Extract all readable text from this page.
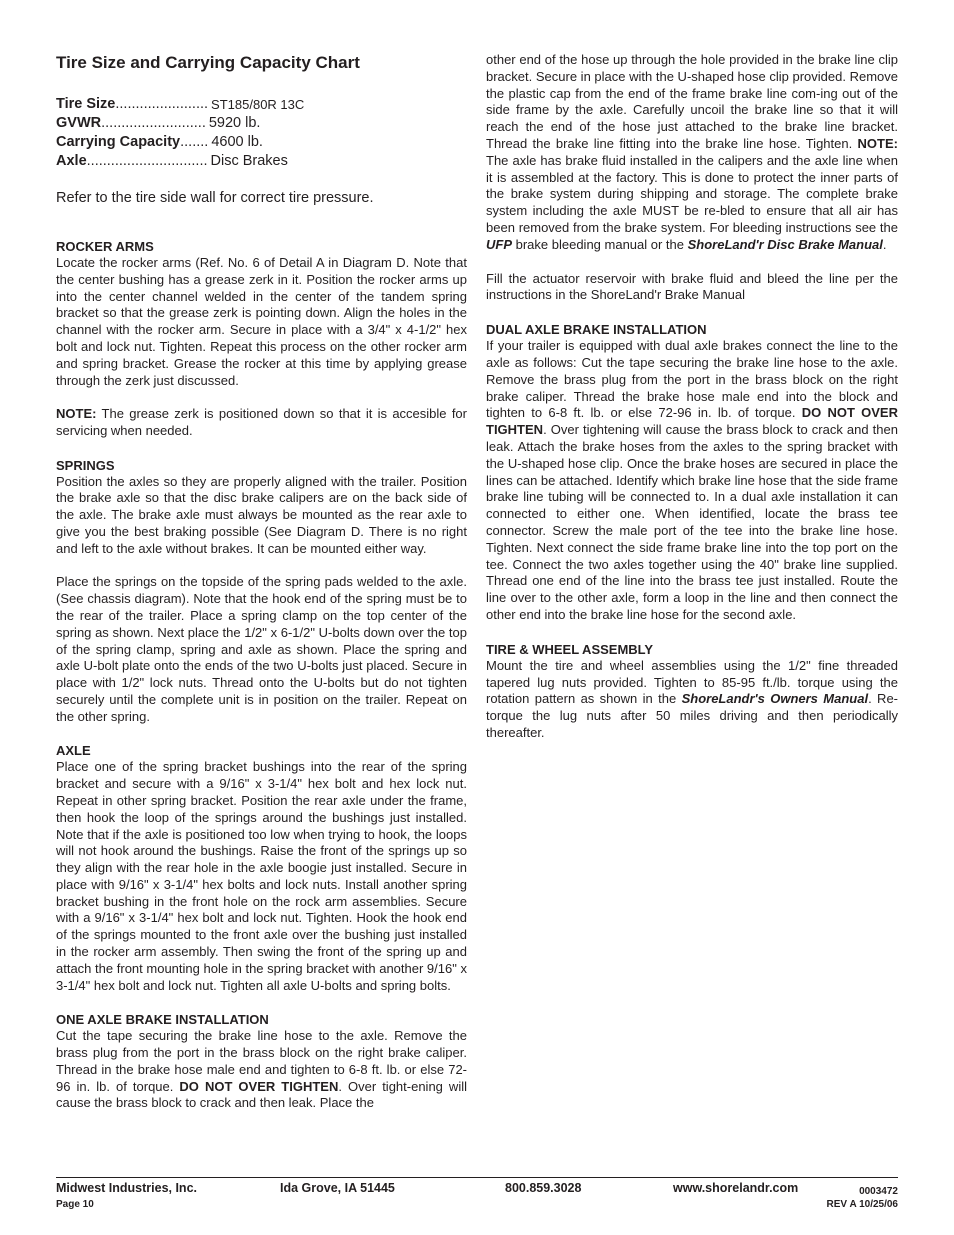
Tire Size and Carrying Capacity Chart
Tire Size ....................... ST185/80R 13C
GVWR .......................... 5920 lb.
Carrying Capacity ....... 4600 lb.
Axle .............................. Disc Brakes
Refer to the tire side wall for correct tire pressure.
ROCKER ARMS

Locate the rocker arms (Ref. No. 6 of Detail A in Diagram D. Note that the center bushing has a grease zerk in it. Position the rocker arms up into the center channel welded in the center of the tandem spring bracket so that the grease zerk is pointing down. Align the holes in the channel with the rocker arm. Secure in place with a 3/4" x 4-1/2" hex bolt and lock nut. Tighten. Repeat this process on the other rocker arm and spring bracket. Grease the rocker at this time by applying grease through the zerk just discussed.

NOTE: The grease zerk is positioned down so that it is accesible for servicing when needed.

SPRINGS

Position the axles so they are properly aligned with the trailer. Position the brake axle so that the disc brake calipers are on the back side of the axle. The brake axle must always be mounted as the rear axle to give you the best braking possible (See Diagram D. There is no right and left to the axle without brakes. It can be mounted either way.

Place the springs on the topside of the spring pads welded to the axle. (See chassis diagram). Note that the hook end of the spring must be to the rear of the trailer. Place a spring clamp on the top center of the spring as shown. Next place the 1/2" x 6-1/2" U-bolts down over the top of the spring clamp, spring and axle as shown. Place the spring and axle U-bolt plate onto the ends of the two U-bolts just placed. Secure in place with 1/2" lock nuts. Thread onto the U-bolts but do not tighten securely until the complete unit is in position on the trailer. Repeat on the other spring.

AXLE

Place one of the spring bracket bushings into the rear of the spring bracket and secure with a 9/16" x 3-1/4" hex bolt and hex lock nut. Repeat in other spring bracket. Position the rear axle under the frame, then hook the loop of the springs around the bushings just installed. Note that if the axle is positioned too low when trying to hook, the loops will not hook around the bushings. Raise the front of the springs up so they align with the rear hole in the axle boogie just installed. Secure in place with 9/16" x 3-1/4" hex bolts and lock nuts. Install another spring bracket bushing in the front hole on the rock arm assemblies. Secure with a 9/16" x 3-1/4" hex bolt and lock nut. Tighten. Hook the hook end of the springs mounted to the front axle over the bushing just installed in the rocker arm assembly. Then swing the front of the spring up and attach the front mounting hole in the spring bracket with another 9/16" x 3-1/4" hex bolt and lock nut. Tighten all axle U-bolts and spring bolts.

ONE AXLE BRAKE INSTALLATION

Cut the tape securing the brake line hose to the axle. Remove the brass plug from the port in the brass block on the right brake caliper. Thread in the brake hose male end and tighten to 6-8 ft. lb. or else 72-96 in. lb. of torque. DO NOT OVER TIGHTEN. Over tight-ening will cause the brass block to crack and then leak. Place the

other end of the hose up through the hole provided in the brake line clip bracket. Secure in place with the U-shaped hose clip provided. Remove the plastic cap from the end of the frame brake line com-ing out of the side frame by the axle. Carefully uncoil the brake line so that it will reach the end of the hose just attached to the brake line bracket. Thread the brake line fitting into the brake line hose. Tighten. NOTE: The axle has brake fluid installed in the calipers and the axle line when it is assembled at the factory. This is done to protect the inner parts of the brake system during shipping and storage. The complete brake system including the axle MUST be re-bled to ensure that all air has been removed from the brake system. For bleeding instructions see the UFP brake bleeding manual or the ShoreLand'r Disc Brake Manual.

Fill the actuator reservoir with brake fluid and bleed the line per the instructions in the ShoreLand'r Brake Manual

DUAL AXLE BRAKE INSTALLATION

If your trailer is equipped with dual axle brakes connect the line to the axle as follows: Cut the tape securing the brake line hose to the axle. Remove the brass plug from the port in the brass block on the right brake caliper. Thread the brake hose male end into the block and tighten to 6-8 ft. lb. or else 72-96 in. lb. of torque. DO NOT OVER TIGHTEN. Over tightening will cause the brass block to crack and then leak. Attach the brake hoses from the axles to the spring bracket with the U-shaped hose clip. Once the brake hoses are secured in place the lines can be attached. Identify which brake line hose that the side frame brake line tubing will be connected to. In a dual axle installation it can connected to either one. When identified, locate the brass tee connector. Screw the male port of the tee into the brake line hose. Tighten. Next connect the side frame brake line into the top port on the tee. Connect the two axles together using the 40" brake line supplied. Thread one end of the line into the brass tee just installed. Route the line over to the other axle, form a loop in the line and then connect the other end into the brake line hose for the second axle.

TIRE & WHEEL ASSEMBLY

Mount the tire and wheel assemblies using the 1/2" fine threaded tapered lug nuts provided. Tighten to 85-95 ft./lb. torque using the rotation pattern as shown in the ShoreLandr's Owners Manual. Re-torque the lug nuts after 50 miles driving and then periodically thereafter.

Midwest Industries, Inc.
Page 10
Ida Grove, IA 51445	800.859.3028	www.shorelandr.com	0003472
REV A 10/25/06
